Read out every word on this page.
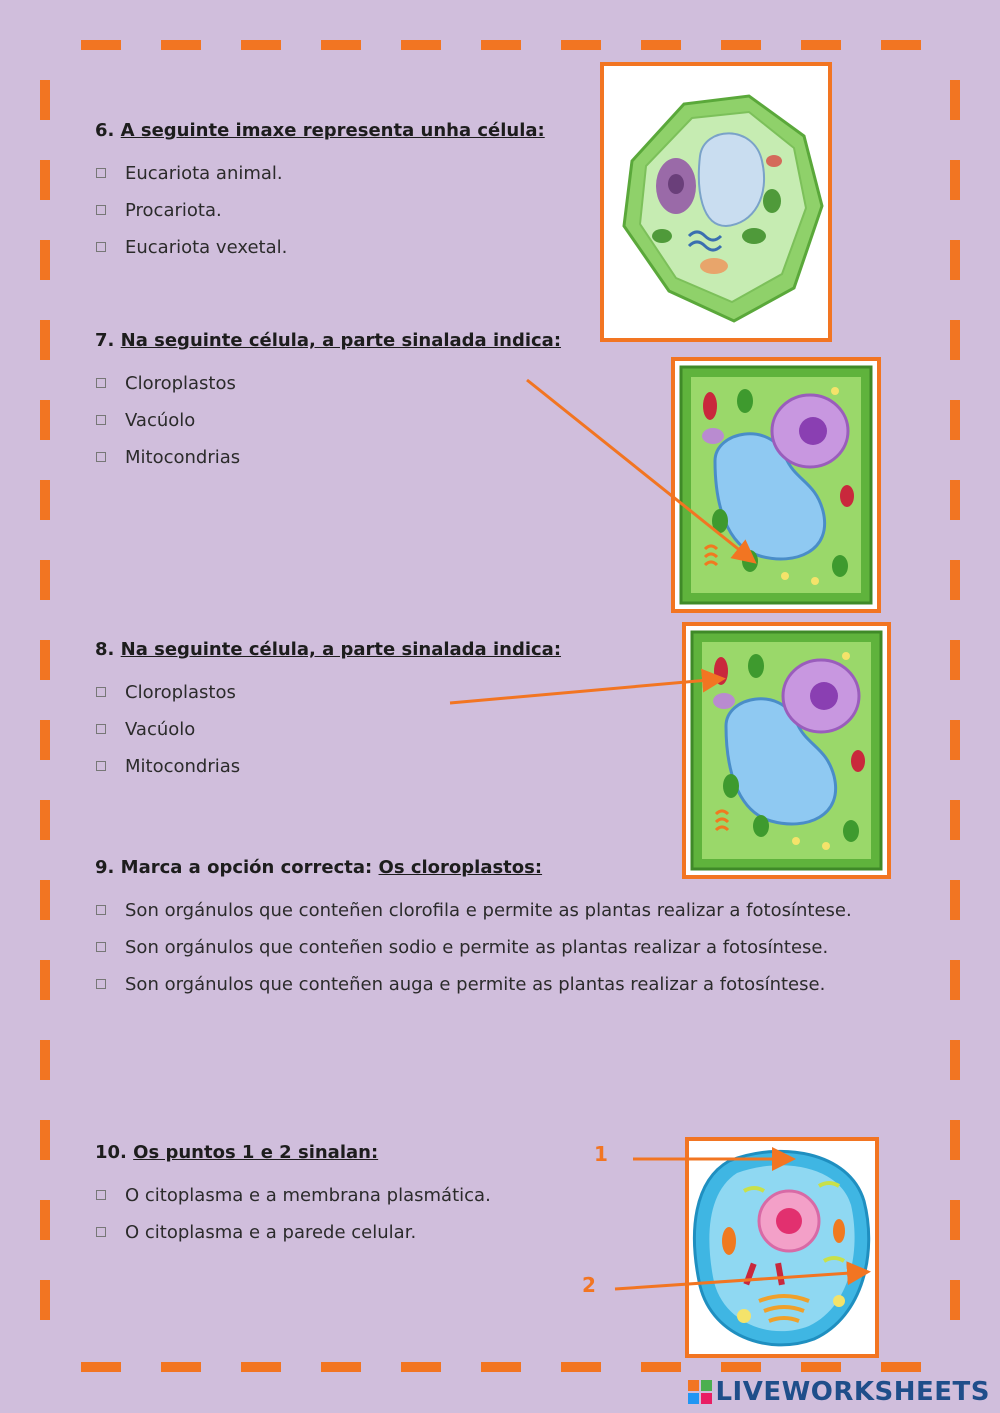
6. A seguinte imaxe representa unha célula:
Eucariota animal.
Procariota.
Eucariota vexetal.
7. Na seguinte célula, a parte sinalada indica:
Cloroplastos
Vacúolo
Mitocondrias
8. Na seguinte célula, a parte sinalada indica:
Cloroplastos
Vacúolo
Mitocondrias
9. Marca a opción correcta: Os cloroplastos:
Son orgánulos que conteñen clorofila e permite as plantas realizar a fotosíntese.
Son orgánulos que conteñen sodio e permite as plantas realizar a fotosíntese.
Son orgánulos que conteñen auga e permite as plantas realizar a fotosíntese.
10. Os puntos 1 e 2 sinalan:
O citoplasma e a membrana plasmática.
O citoplasma e a parede celular.
1
2
LIVEWORKSHEETS
